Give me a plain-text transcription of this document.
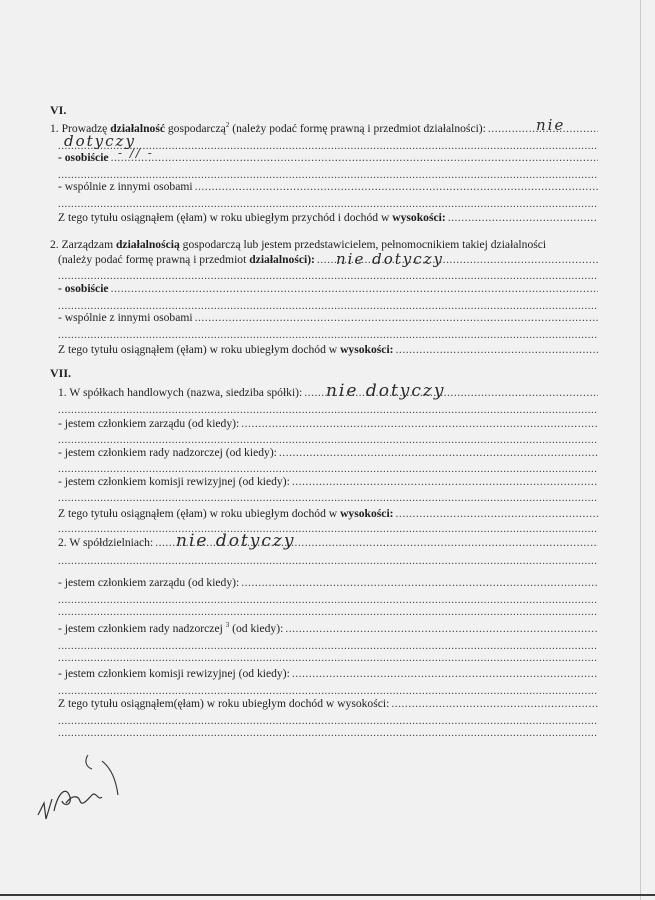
VI.
1. Prowadzę działalność gospodarczą$^2$ (należy podać formę prawną i przedmiot działalności): .....	nie
.....
dotyczy
- osobiście ..... - // -
.....
- wspólnie z innymi osobami
.....
.....
Z tego tytułu osiągnąłem (ęłam) w roku ubiegłym przychód i dochód w wysokości:
.....
2. Zarządzam działalnością gospodarczą lub jestem przedstawicielem, pełnomocnikiem takiej działalności
(należy podać formę prawną i przedmiot działalności): ..... nie dotyczy
.....
- osobiście
.....
.....
- wspólnie z innymi osobami
.....
.....
Z tego tytułu osiągnąłem (ęłam) w roku ubiegłym dochód w wysokości:
.....
VII.
1. W spółkach handlowych (nazwa, siedziba spółki): ..... nie dotyczy
.....
- jestem członkiem zarządu (od kiedy):
.....
.....
- jestem członkiem rady nadzorczej (od kiedy):
.....
.....
- jestem członkiem komisji rewizyjnej (od kiedy):
.....
.....
Z tego tytułu osiągnąłem (ęłam) w roku ubiegłym dochód w wysokości:
.....
.....
2. W spółdzielniach: ..... nie dotyczy
.....
- jestem członkiem zarządu (od kiedy):
.....
.....
.....
- jestem członkiem rady nadzorczej $^3$ (od kiedy):
.....
.....
.....
- jestem członkiem komisji rewizyjnej (od kiedy):
.....
.....
Z tego tytułu osiągnąłem(ęłam) w roku ubiegłym dochód w wysokości:
.....
.....
.....
